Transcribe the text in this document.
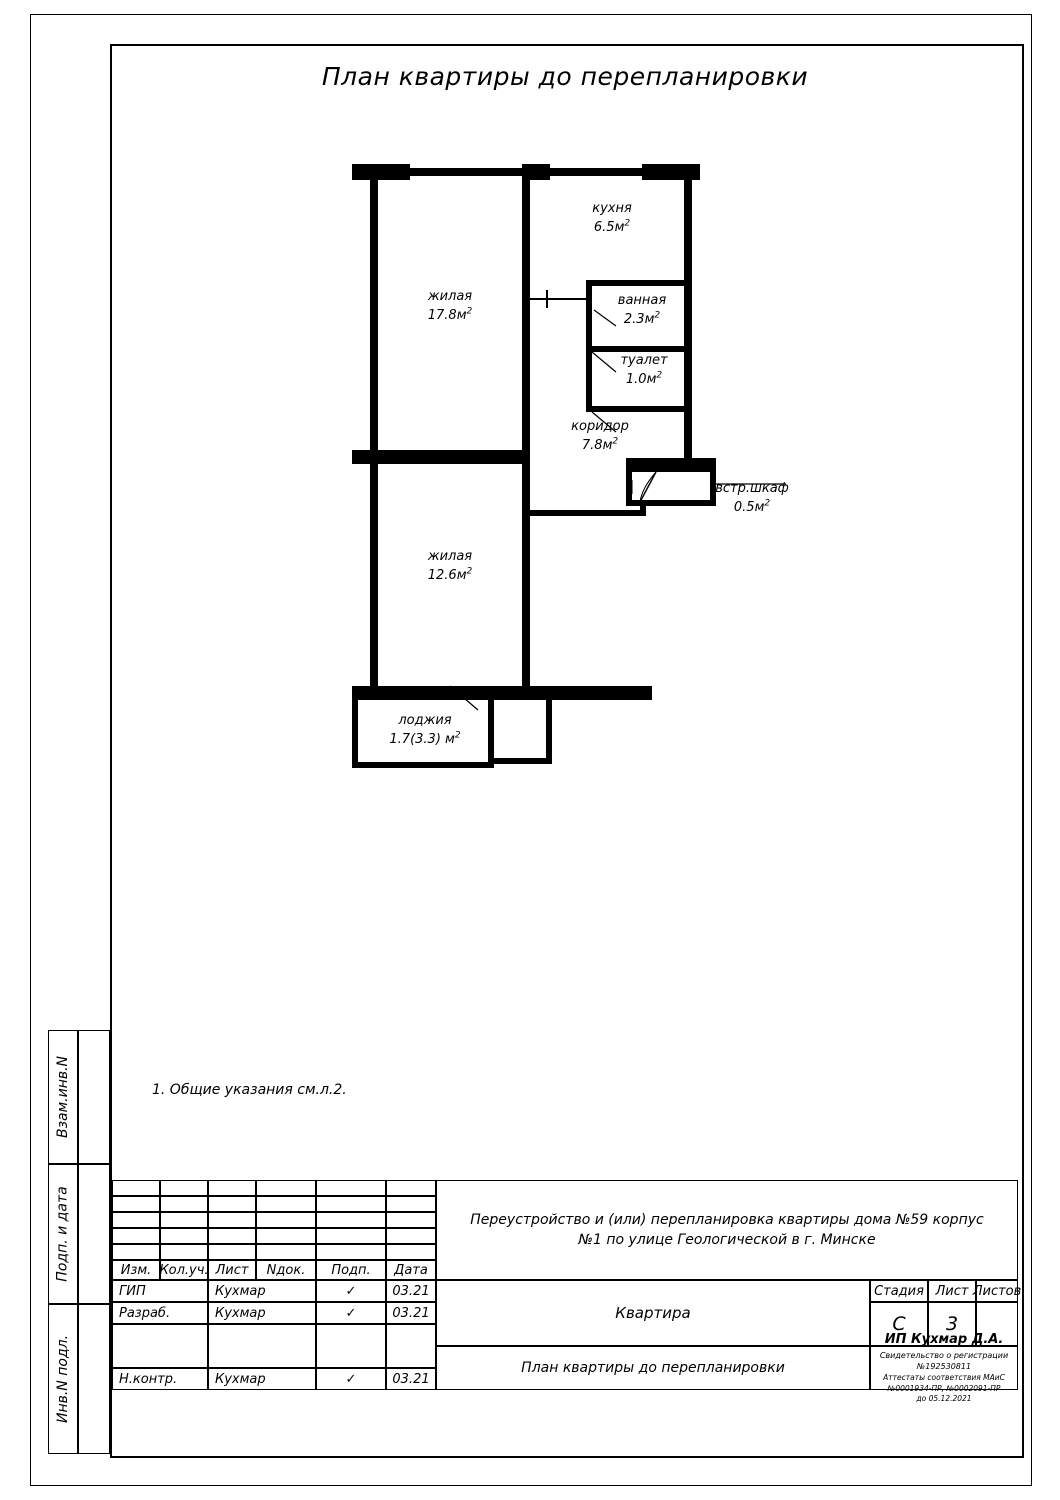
План квартиры до перепланировки
Взам.инв.N
Подп. и дата
Инв.N подл.
1. Общие указания см.л.2.
кухня
$6.5м^2$
жилая
$17.8м^2$
ванная
$2.3м^2$
туалет
$1.0м^2$
коридор
$7.8м^2$
встр.шкаф
$0.5м^2$
жилая
$12.6м^2$
лоджия
1.7(3.3) $м^2$
Изм. Кол.уч. Лист	Nдок.	Подп.	Дата
ГИП	Кухмар	✓	03.21
Разраб.	Кухмар	✓	03.21
Н.контр.	Кухмар	✓	03.21
Переустройство и (или) перепланировка квартиры дома №59 корпус №1 по улице Геологической в г. Минске
Квартира
Стадия Лист Листов
С	3
План квартиры до перепланировки
ИП Кухмар Д.А.
Свидетельство о регистрации №192530811
Аттестаты соответствия МАиС №0001934-ПР, №0002091-ПР
до 05.12.2021
